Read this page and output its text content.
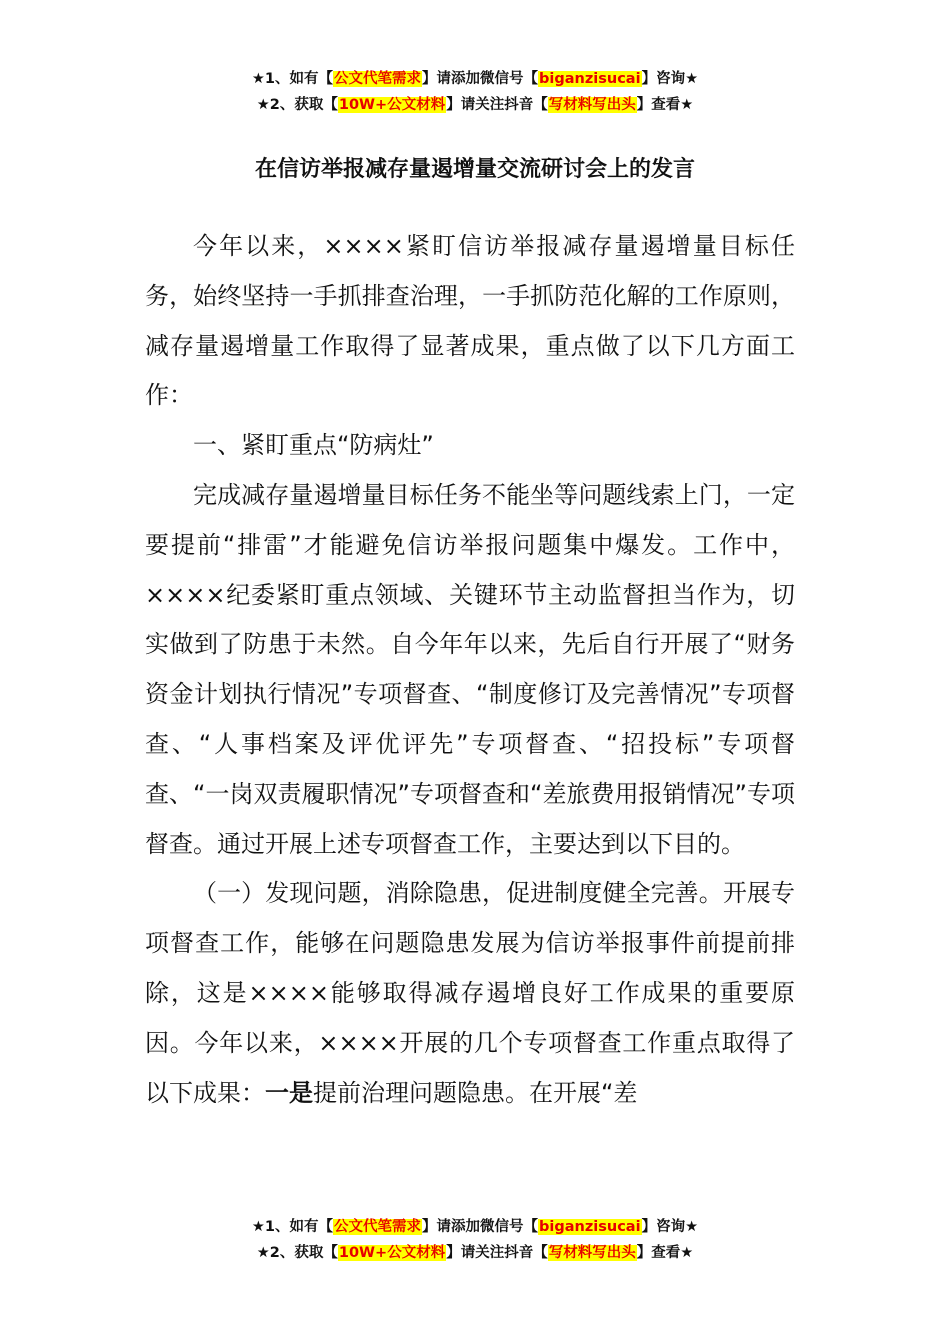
★1、如有【公文代笔需求】请添加微信号【biganzisucai】咨询★
★2、获取【10W+公文材料】请关注抖音【写材料写出头】查看★
在信访举报减存量遏增量交流研讨会上的发言

今年以来，××××紧盯信访举报减存量遏增量目标任务，始终坚持一手抓排查治理，一手抓防范化解的工作原则，减存量遏增量工作取得了显著成果，重点做了以下几方面工作：

一、紧盯重点“防病灶”

完成减存量遏增量目标任务不能坐等问题线索上门，一定要提前“排雷”才能避免信访举报问题集中爆发。工作中，××××纪委紧盯重点领域、关键环节主动监督担当作为，切实做到了防患于未然。自今年年以来，先后自行开展了“财务资金计划执行情况”专项督查、“制度修订及完善情况”专项督查、“人事档案及评优评先”专项督查、“招投标”专项督查、“一岗双责履职情况”专项督查和“差旅费用报销情况”专项督查。通过开展上述专项督查工作，主要达到以下目的。

（一）发现问题，消除隐患，促进制度健全完善。开展专项督查工作，能够在问题隐患发展为信访举报事件前提前排除，这是××××能够取得减存遏增良好工作成果的重要原因。今年以来，××××开展的几个专项督查工作重点取得了以下成果：一是提前治理问题隐患。在开展“差

★1、如有【公文代笔需求】请添加微信号【biganzisucai】咨询★
★2、获取【10W+公文材料】请关注抖音【写材料写出头】查看★
